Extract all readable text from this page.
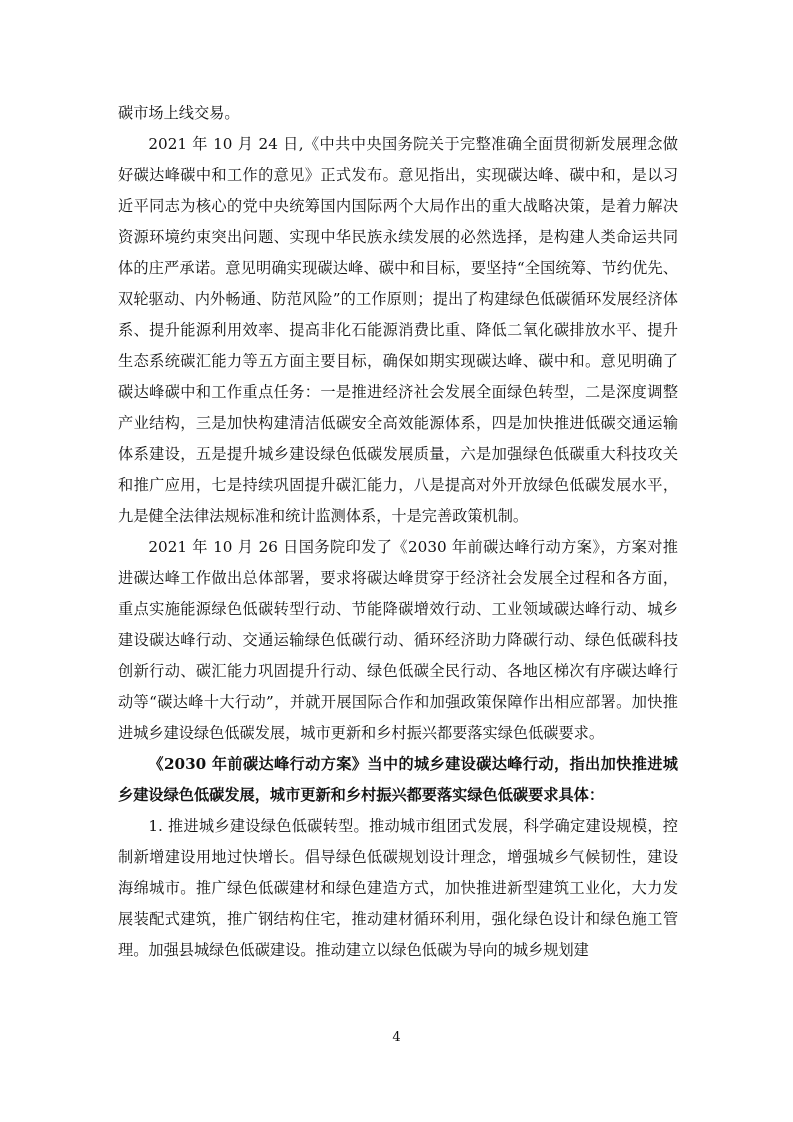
碳市场上线交易。

2021 年 10 月 24 日,《中共中央国务院关于完整准确全面贯彻新发展理念做好碳达峰碳中和工作的意见》正式发布。意见指出，实现碳达峰、碳中和，是以习近平同志为核心的党中央统筹国内国际两个大局作出的重大战略决策，是着力解决资源环境约束突出问题、实现中华民族永续发展的必然选择，是构建人类命运共同体的庄严承诺。意见明确实现碳达峰、碳中和目标，要坚持“全国统筹、节约优先、双轮驱动、内外畅通、防范风险”的工作原则；提出了构建绿色低碳循环发展经济体系、提升能源利用效率、提高非化石能源消费比重、降低二氧化碳排放水平、提升生态系统碳汇能力等五方面主要目标，确保如期实现碳达峰、碳中和。意见明确了碳达峰碳中和工作重点任务：一是推进经济社会发展全面绿色转型，二是深度调整产业结构，三是加快构建清洁低碳安全高效能源体系，四是加快推进低碳交通运输体系建设，五是提升城乡建设绿色低碳发展质量，六是加强绿色低碳重大科技攻关和推广应用，七是持续巩固提升碳汇能力，八是提高对外开放绿色低碳发展水平，九是健全法律法规标准和统计监测体系，十是完善政策机制。

2021 年 10 月 26 日国务院印发了《2030 年前碳达峰行动方案》，方案对推进碳达峰工作做出总体部署，要求将碳达峰贯穿于经济社会发展全过程和各方面，重点实施能源绿色低碳转型行动、节能降碳增效行动、工业领域碳达峰行动、城乡建设碳达峰行动、交通运输绿色低碳行动、循环经济助力降碳行动、绿色低碳科技创新行动、碳汇能力巩固提升行动、绿色低碳全民行动、各地区梯次有序碳达峰行动等“碳达峰十大行动”，并就开展国际合作和加强政策保障作出相应部署。加快推进城乡建设绿色低碳发展，城市更新和乡村振兴都要落实绿色低碳要求。

《2030 年前碳达峰行动方案》当中的城乡建设碳达峰行动，指出加快推进城乡建设绿色低碳发展，城市更新和乡村振兴都要落实绿色低碳要求具体：

1. 推进城乡建设绿色低碳转型。推动城市组团式发展，科学确定建设规模，控制新增建设用地过快增长。倡导绿色低碳规划设计理念，增强城乡气候韧性，建设海绵城市。推广绿色低碳建材和绿色建造方式，加快推进新型建筑工业化，大力发展装配式建筑，推广钢结构住宅，推动建材循环利用，强化绿色设计和绿色施工管理。加强县城绿色低碳建设。推动建立以绿色低碳为导向的城乡规划建

4
